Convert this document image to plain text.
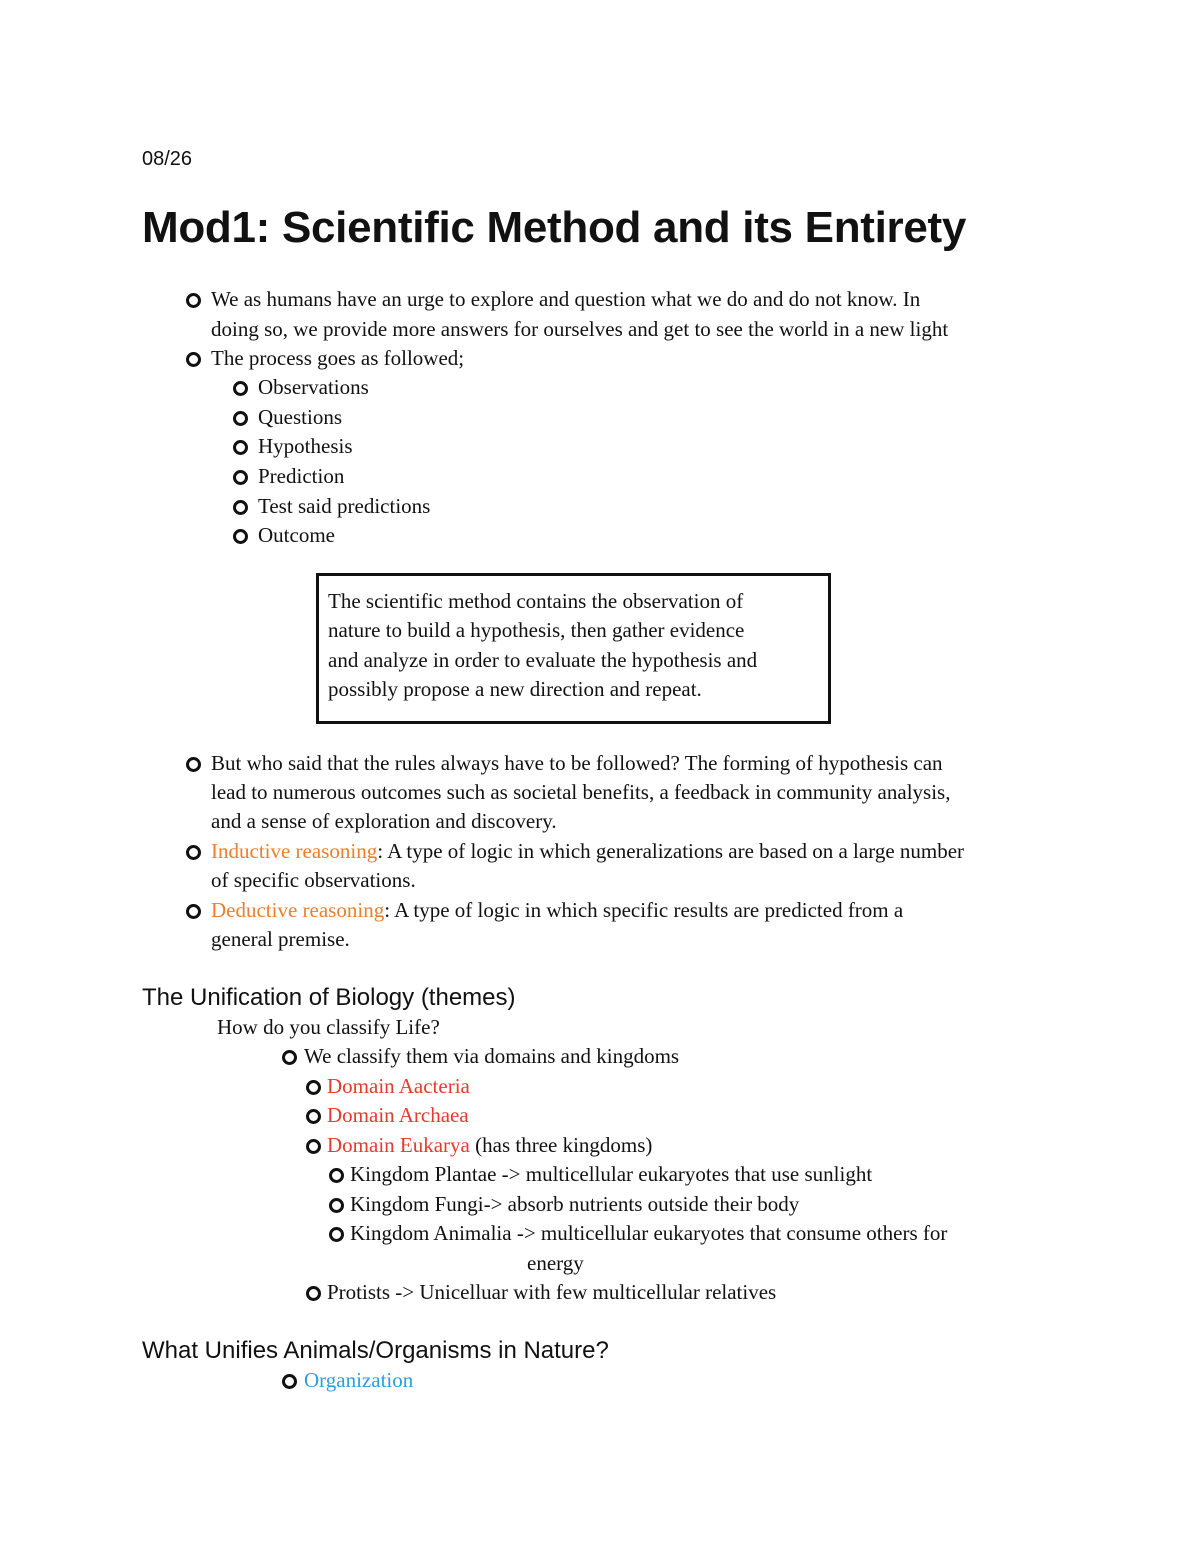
08/26
Mod1: Scientific Method and its Entirety
We as humans have an urge to explore and question what we do and do not know. In
doing so, we provide more answers for ourselves and get to see the world in a new light
The process goes as followed;
Observations
Questions
Hypothesis
Prediction
Test said predictions
Outcome
The scientific method contains the observation of
nature to build a hypothesis, then gather evidence
and analyze in order to evaluate the hypothesis and
possibly propose a new direction and repeat.
But who said that the rules always have to be followed? The forming of hypothesis can
lead to numerous outcomes such as societal benefits, a feedback in community analysis,
and a sense of exploration and discovery.
Inductive reasoning: A type of logic in which generalizations are based on a large number
of specific observations.
Deductive reasoning: A type of logic in which specific results are predicted from a
general premise.
The Unification of Biology (themes)
How do you classify Life?
We classify them via domains and kingdoms
Domain Aacteria
Domain Archaea
Domain Eukarya (has three kingdoms)
Kingdom Plantae -> multicellular eukaryotes that use sunlight
Kingdom Fungi-> absorb nutrients outside their body
Kingdom Animalia -> multicellular eukaryotes that consume others for
energy
Protists -> Unicelluar with few multicellular relatives
What Unifies Animals/Organisms in Nature?
Organization
